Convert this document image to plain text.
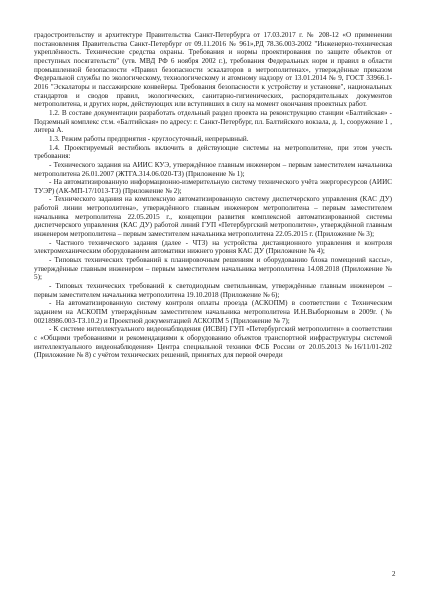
градостроительству и архитектуре Правительства Санкт-Петербурга от 17.03.2017 г. № 208-12 «О применении постановления Правительства Санкт-Петербург от 09.11.2016 № 961»,РД 78.36.003-2002 "Инженерно-техническая укреплённость. Технические средства охраны. Требования и нормы проектирования по защите объектов от преступных посягательств" (утв. МВД РФ 6 ноября 2002 г.), требования Федеральных норм и правил в области промышленной безопасности «Правил безопасности эскалаторов в метрополитенах», утверждённые приказом Федеральной службы по экологическому, технологическому и атомному надзору от 13.01.2014 № 9, ГОСТ 33966.1-2016 "Эскалаторы и пассажирские конвейеры. Требования безопасности к устройству и установке", национальных стандартов и сводов правил, экологических, санитарно-гигиенических, распорядительных документов метрополитена, и других норм, действующих или вступивших в силу на момент окончания проектных работ.

1.2. В составе документации разработать отдельный раздел проекта на реконструкцию станции «Балтийская» - Подземный комплекс ст.м. «Балтийская» по адресу: г. Санкт-Петербург, пл. Балтийского вокзала, д. 1, сооружение 1 , литера А.

1.3. Режим работы предприятия - круглосуточный, непрерывный.

1.4. Проектируемый вестибюль включить в действующие системы на метрополитене, при этом учесть требования:

- Технического задания на АИИС КУЭ, утверждённое главным инженером – первым заместителем начальника метрополитена 26.01.2007 (ЖТГА.314.06.020-ТЗ) (Приложение № 1);

- На автоматизированную информационно-измерительную систему технического учёта энергоресурсов (АИИС ТУЭР) (АК-МП-17/1013-ТЗ) (Приложение № 2);

- Технического задания на комплексную автоматизированную систему диспетчерского управления (КАС ДУ) работой линии метрополитена», утверждённого главным инженером метрополитена – первым заместителем начальника метрополитена 22.05.2015 г., концепции развития комплексной автоматизированной системы диспетчерского управления (КАС ДУ) работой линий ГУП «Петербургский метрополитен», утверждённой главным инженером метрополитена – первым заместителем начальника метрополитена 22.05.2015 г. (Приложение № 3);

- Частного технического задания (далее - ЧТЗ) на устройства дистанционного управления и контроля электромеханическим оборудованием автоматики нижнего уровня КАС ДУ (Приложение № 4);

- Типовых технических требований к планировочным решениям и оборудованию блока помещений кассы», утверждённые главным инженером – первым заместителем начальника метрополитена 14.08.2018 (Приложение № 5);

- Типовых технических требований к светодиодным светильникам, утверждённые главным инженером – первым заместителем начальника метрополитена 19.10.2018 (Приложение № 6);

- На автоматизированную систему контроля оплаты проезда (АСКОПМ) в соответствии с Техническим заданием на АСКОПМ утверждённым заместителем начальника метрополитена И.Н.Выборновым в 2009г. (№ 00218986.003-ТЗ.10.2) и Проектной документацией АСКОПМ 5 (Приложение № 7);

- К системе интеллектуального видеонаблюдения (ИСВН) ГУП «Петербургский метрополитен» в соответствии с «Общими требованиями и рекомендациями к оборудованию объектов транспортной инфраструктуры системой интеллектуального видеонаблюдения» Центра специальной техники ФСБ России от 20.05.2013 №16/11/01-202 (Приложение № 8) с учётом технических решений, принятых для первой очереди

2
